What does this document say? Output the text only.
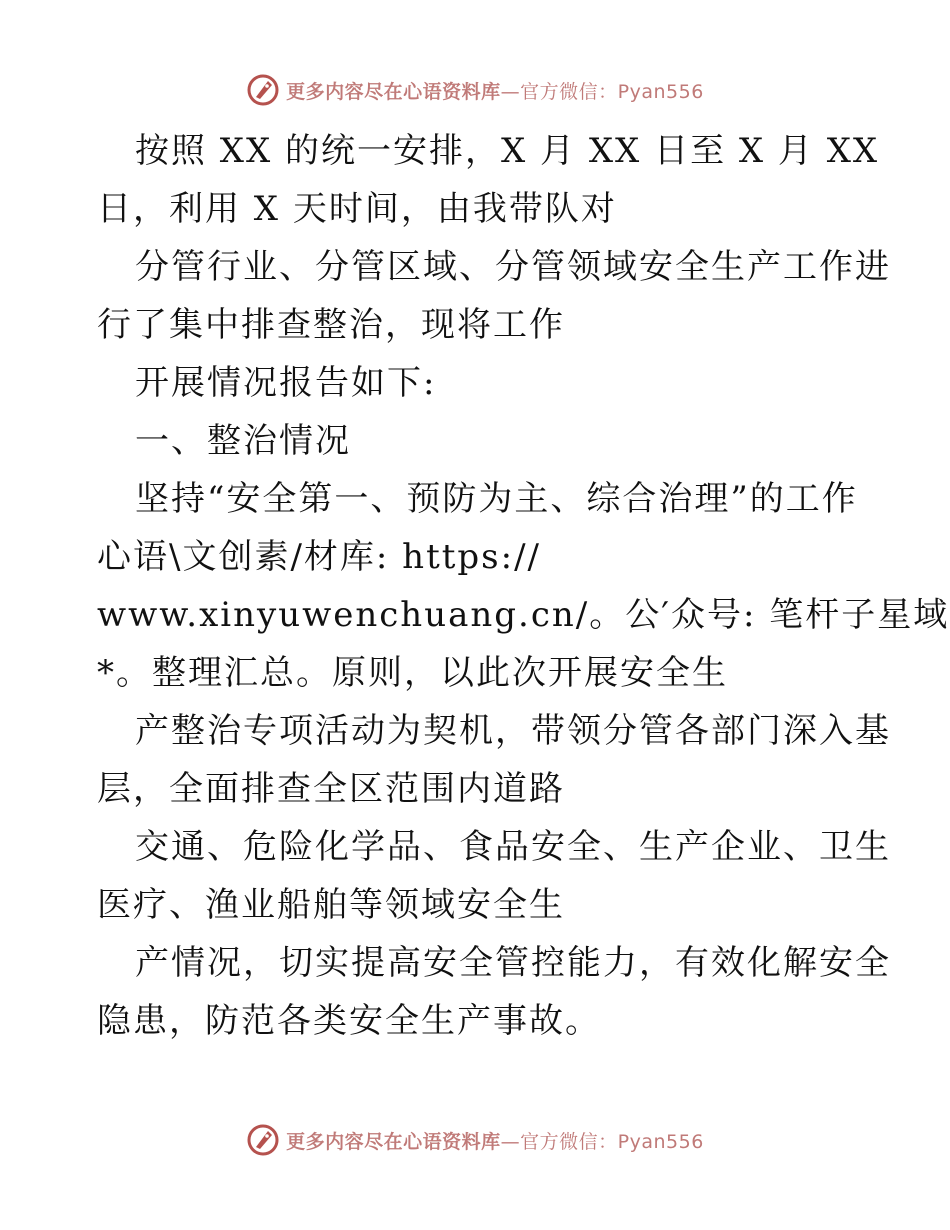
更多内容尽在心语资料库 —官方微信：Pyan556
按照 XX 的统一安排，X 月 XX 日至 X 月 XX
日，利用 X 天时间，由我带队对
分管行业、分管区域、分管领域安全生产工作进
行了集中排查整治，现将工作
开展情况报告如下:
一、整治情况
坚持“安全第一、预防为主、综合治理”的工作
心语\文创素/材库: https://
www.xinyuwenchuang.cn/。公′众号: 笔杆子星域
*。整理汇总。原则，以此次开展安全生
产整治专项活动为契机，带领分管各部门深入基
层，全面排查全区范围内道路
交通、危险化学品、食品安全、生产企业、卫生
医疗、渔业船舶等领域安全生
产情况，切实提高安全管控能力，有效化解安全
隐患，防范各类安全生产事故。
更多内容尽在心语资料库 —官方微信：Pyan556
